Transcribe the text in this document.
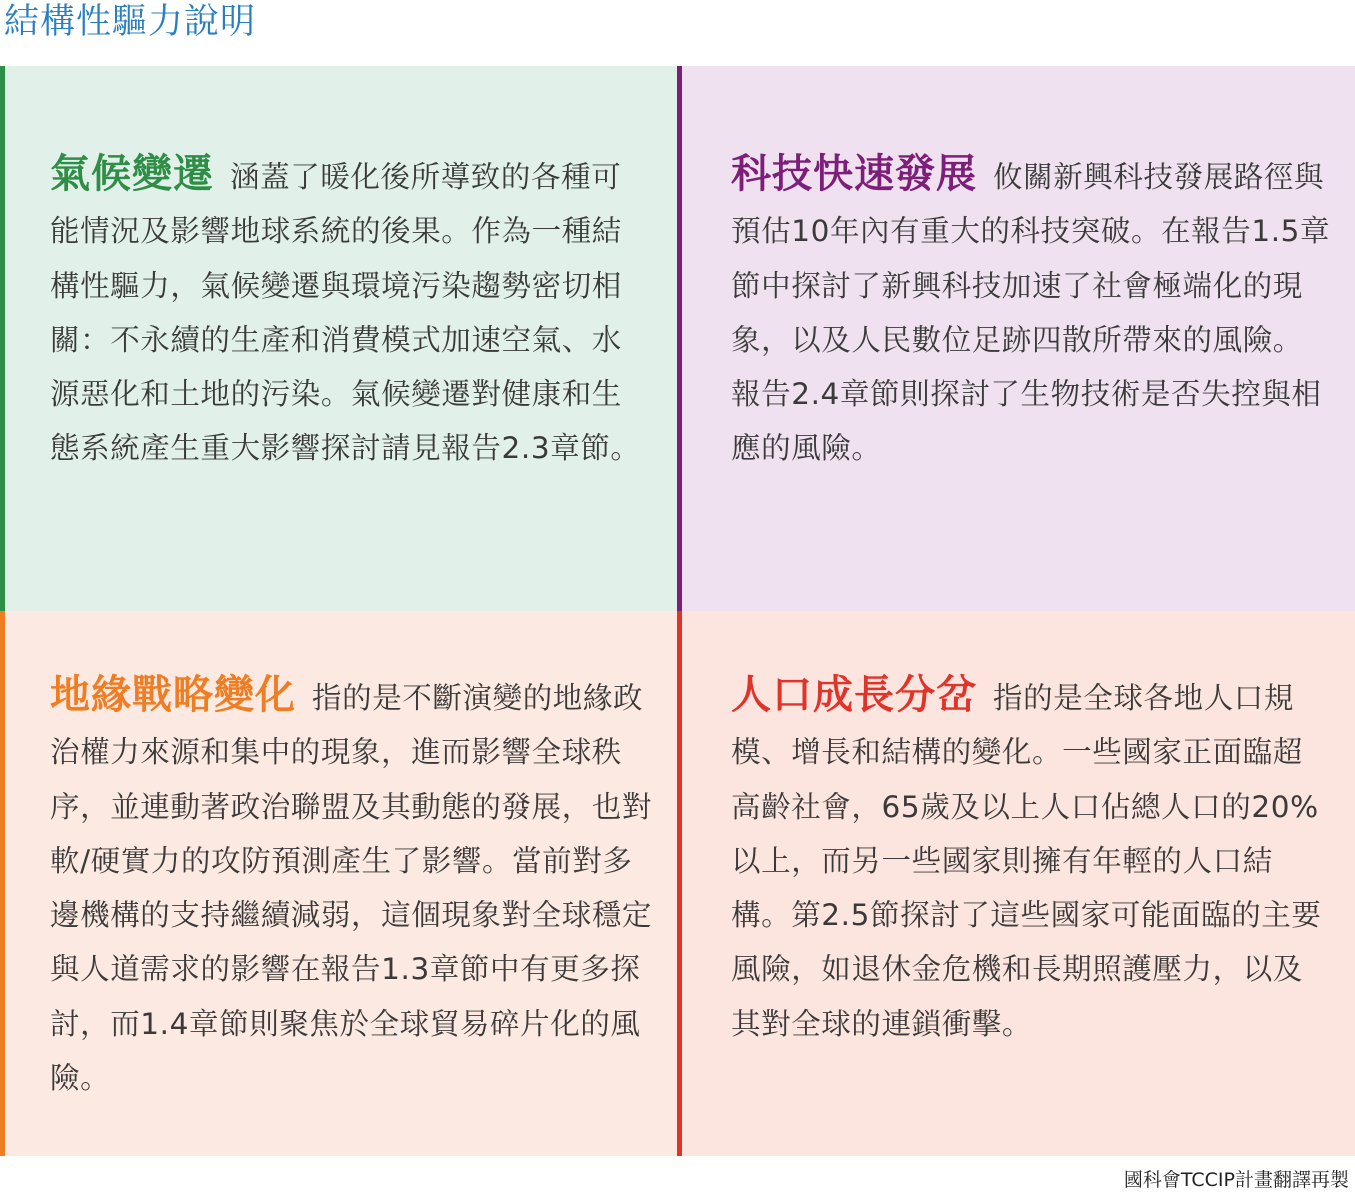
結構性驅力說明
氣候變遷 涵蓋了暖化後所導致的各種可能情況及影響地球系統的後果。作為一種結構性驅力，氣候變遷與環境污染趨勢密切相關：不永續的生產和消費模式加速空氣、水源惡化和土地的污染。氣候變遷對健康和生態系統產生重大影響探討請見報告2.3章節。
科技快速發展 攸關新興科技發展路徑與預估10年內有重大的科技突破。在報告1.5章節中探討了新興科技加速了社會極端化的現象，以及人民數位足跡四散所帶來的風險。報告2.4章節則探討了生物技術是否失控與相應的風險。
地緣戰略變化 指的是不斷演變的地緣政治權力來源和集中的現象，進而影響全球秩序，並連動著政治聯盟及其動態的發展，也對軟/硬實力的攻防預測產生了影響。當前對多邊機構的支持繼續減弱，這個現象對全球穩定與人道需求的影響在報告1.3章節中有更多探討，而1.4章節則聚焦於全球貿易碎片化的風險。
人口成長分岔 指的是全球各地人口規模、增長和結構的變化。一些國家正面臨超高齡社會，65歲及以上人口佔總人口的20%以上，而另一些國家則擁有年輕的人口結構。第2.5節探討了這些國家可能面臨的主要風險，如退休金危機和長期照護壓力，以及其對全球的連鎖衝擊。
國科會TCCIP計畫翻譯再製
